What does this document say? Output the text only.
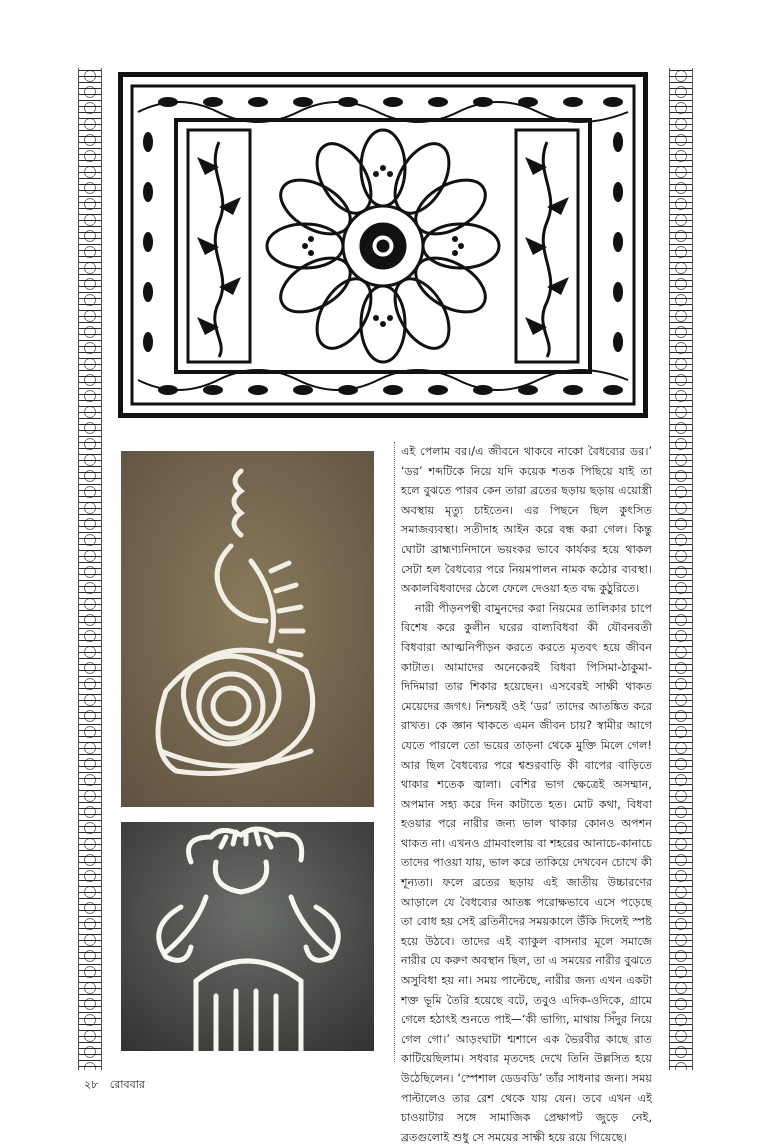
এই পেলাম বর।/এ জীবনে থাকবে নাকো বৈধব্যের ডর।’ ‘ডর’ শব্দটিকে নিয়ে যদি কয়েক শতক পিছিয়ে যাই তা হলে বুঝতে পারব কেন তারা ব্রতের ছড়ায় ছড়ায় এয়োস্ত্রী অবস্থায় মৃত্যু চাইতেন। এর পিছনে ছিল কুৎসিত সমাজব্যবস্থা। সতীদাহ আইন করে বন্ধ করা গেল। কিন্তু ঘোটা ব্রাহ্মণ্যনিদানে ভয়ংকর ভাবে কার্যকর হয়ে থাকল সেটা হল বৈধব্যের পরে নিয়মপালন নামক কঠোর ব্যবস্থা। অকালবিধবাদের ঠেলে ফেলে দেওয়া হত বদ্ধ কুঠুরিতে।

নারী পীড়নপন্থী বামুনদের করা নিয়মের তালিকার চাপে বিশেষ করে কুলীন ঘরের বাল্যবিধবা কী যৌবনবতী বিধবারা আত্মনিপীড়ন করতে করতে মৃতবৎ হয়ে জীবন কাটাত। আমাদের অনেকেরই বিধবা পিসিমা-ঠাকুমা-দিদিমারা তার শিকার হয়েছেন। এসবেরই সাক্ষী থাকত মেয়েদের জগৎ। নিশ্চয়ই ওই ‘ডর’ তাদের আতঙ্কিত করে রাখত। কে জ্ঞান থাকতে এমন জীবন চায়? স্বামীর আগে যেতে পারলে তো ভয়ের তাড়না থেকে মুক্তি মিলে গেল! আর ছিল বৈধব্যের পরে শ্বশুরবাড়ি কী বাপের বাড়িতে থাকার শতেক জ্বালা। বেশির ভাগ ক্ষেত্রেই অসম্মান, অপমান সহ্য করে দিন কাটাতে হত। মোট কথা, বিধবা হওয়ার পরে নারীর জন্য ভাল থাকার কোনও অপশন থাকত না। এখনও গ্রামবাংলায় বা শহরের আনাচে-কানাচে তাদের পাওয়া যায়, ভাল করে তাকিয়ে দেখবেন চোখে কী শূন্যতা। ফলে ব্রতের ছড়ায় এই জাতীয় উচ্চারণের আড়ালে যে বৈধব্যের আতঙ্ক পরোক্ষভাবে এসে পড়েছে তা বোধ হয় সেই ব্রতিনীদের সময়কালে উঁকি দিলেই স্পষ্ট হয়ে উঠবে। তাদের এই ব্যাকুল বাসনার মূলে সমাজে নারীর যে করুণ অবস্থান ছিল, তা এ সময়ের নারীর বুঝতে অসুবিধা হয় না। সময় পাল্টেছে, নারীর জন্য এখন একটা শক্ত ভূমি তৈরি হয়েছে বটে, তবুও এদিক-ওদিকে, গ্রামে গেলে হঠাৎই শুনতে পাই—‘কী ভাগ্যি, মাথায় সিঁদুর নিয়ে গেল গো।’ আড়ংঘাটা শ্মশানে এক ভৈরবীর কাছে রাত কাটিয়েছিলাম। সধবার মৃতদেহ দেখে তিনি উল্লসিত হয়ে উঠেছিলেন। ‘স্পেশাল ডেডবডি’ তাঁর সাধনার জন্য। সময় পাল্টালেও তার রেশ থেকে যায় যেন। তবে এখন এই চাওয়াটার সঙ্গে সামাজিক প্রেক্ষাপট জুড়ে নেই, ব্রতগুলোই শুধু সে সময়ের সাক্ষী হয়ে রয়ে গিয়েছে।

২৮ রোববার
